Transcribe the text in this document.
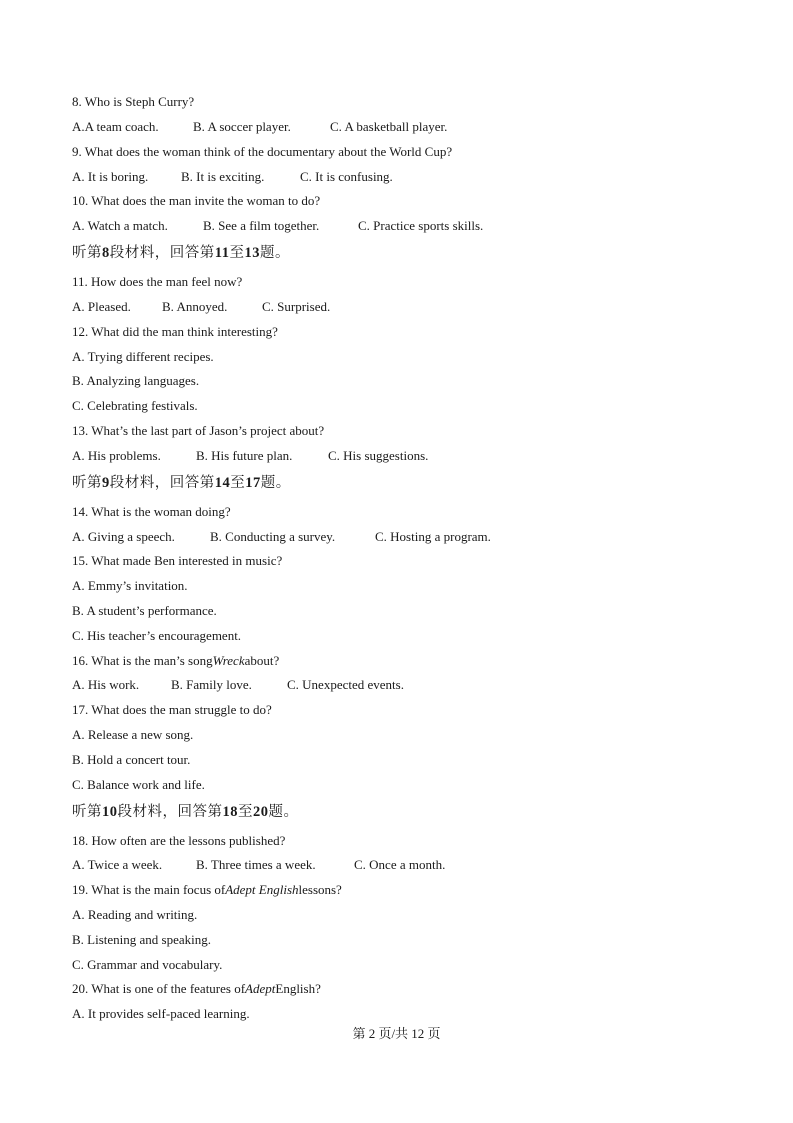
8. Who is Steph Curry?
A.A team coach.	B. A soccer player.	C. A basketball player.
9. What does the woman think of the documentary about the World Cup?
A. It is boring.	B. It is exciting.	C. It is confusing.
10. What does the man invite the woman to do?
A. Watch a match.	B. See a film together.	C. Practice sports skills.
听第8段材料，回答第11至13题。
11. How does the man feel now?
A. Pleased. B. Annoyed.	C. Surprised.
12. What did the man think interesting?
A. Trying different recipes.
B. Analyzing languages.
C. Celebrating festivals.
13. What’s the last part of Jason’s project about?
A. His problems.	B. His future plan.	C. His suggestions.
听第9段材料，回答第14至17题。
14. What is the woman doing?
A. Giving a speech.	B. Conducting a survey.	C. Hosting a program.
15. What made Ben interested in music?
A. Emmy’s invitation.
B. A student’s performance.
C. His teacher’s encouragement.
16. What is the man’s songWreckabout?
A. His work. B. Family love.	C. Unexpected events.
17. What does the man struggle to do?
A. Release a new song.
B. Hold a concert tour.
C. Balance work and life.
听第10段材料，回答第18至20题。
18. How often are the lessons published?
A. Twice a week.	B. Three times a week.	C. Once a month.
19. What is the main focus ofAdept Englishlessons?
A. Reading and writing.
B. Listening and speaking.
C. Grammar and vocabulary.
20. What is one of the features ofAdeptEnglish?
A. It provides self-paced learning.
第 2 页/共 12 页
